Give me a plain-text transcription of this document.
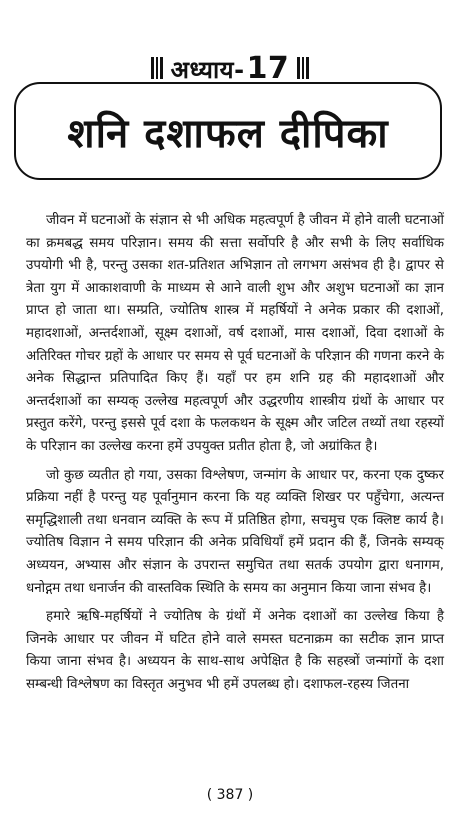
अध्याय-17
शनि दशाफल दीपिका

जीवन में घटनाओं के संज्ञान से भी अधिक महत्वपूर्ण है जीवन में होने वाली घटनाओं का क्रमबद्ध समय परिज्ञान। समय की सत्ता सर्वोपरि है और सभी के लिए सर्वाधिक उपयोगी भी है, परन्तु उसका शत-प्रतिशत अभिज्ञान तो लगभग असंभव ही है। द्वापर से त्रेता युग में आकाशवाणी के माध्यम से आने वाली शुभ और अशुभ घटनाओं का ज्ञान प्राप्त हो जाता था। सम्प्रति, ज्योतिष शास्त्र में महर्षियों ने अनेक प्रकार की दशाओं, महादशाओं, अन्तर्दशाओं, सूक्ष्म दशाओं, वर्ष दशाओं, मास दशाओं, दिवा दशाओं के अतिरिक्त गोचर ग्रहों के आधार पर समय से पूर्व घटनाओं के परिज्ञान की गणना करने के अनेक सिद्धान्त प्रतिपादित किए हैं। यहाँ पर हम शनि ग्रह की महादशाओं और अन्तर्दशाओं का सम्यक् उल्लेख महत्वपूर्ण और उद्धरणीय शास्त्रीय ग्रंथों के आधार पर प्रस्तुत करेंगे, परन्तु इससे पूर्व दशा के फलकथन के सूक्ष्म और जटिल तथ्यों तथा रहस्यों के परिज्ञान का उल्लेख करना हमें उपयुक्त प्रतीत होता है, जो अग्रांकित है।

जो कुछ व्यतीत हो गया, उसका विश्लेषण, जन्मांग के आधार पर, करना एक दुष्कर प्रक्रिया नहीं है परन्तु यह पूर्वानुमान करना कि यह व्यक्ति शिखर पर पहुँचेगा, अत्यन्त समृद्धिशाली तथा धनवान व्यक्ति के रूप में प्रतिष्ठित होगा, सचमुच एक क्लिष्ट कार्य है। ज्योतिष विज्ञान ने समय परिज्ञान की अनेक प्रविधियाँ हमें प्रदान की हैं, जिनके सम्यक् अध्ययन, अभ्यास और संज्ञान के उपरान्त समुचित तथा सतर्क उपयोग द्वारा धनागम, धनोद्गम तथा धनार्जन की वास्तविक स्थिति के समय का अनुमान किया जाना संभव है।

हमारे ऋषि-महर्षियों ने ज्योतिष के ग्रंथों में अनेक दशाओं का उल्लेख किया है जिनके आधार पर जीवन में घटित होने वाले समस्त घटनाक्रम का सटीक ज्ञान प्राप्त किया जाना संभव है। अध्ययन के साथ-साथ अपेक्षित है कि सहस्त्रों जन्मांगों के दशा सम्बन्धी विश्लेषण का विस्तृत अनुभव भी हमें उपलब्ध हो। दशाफल-रहस्य जितना

( 387 )
